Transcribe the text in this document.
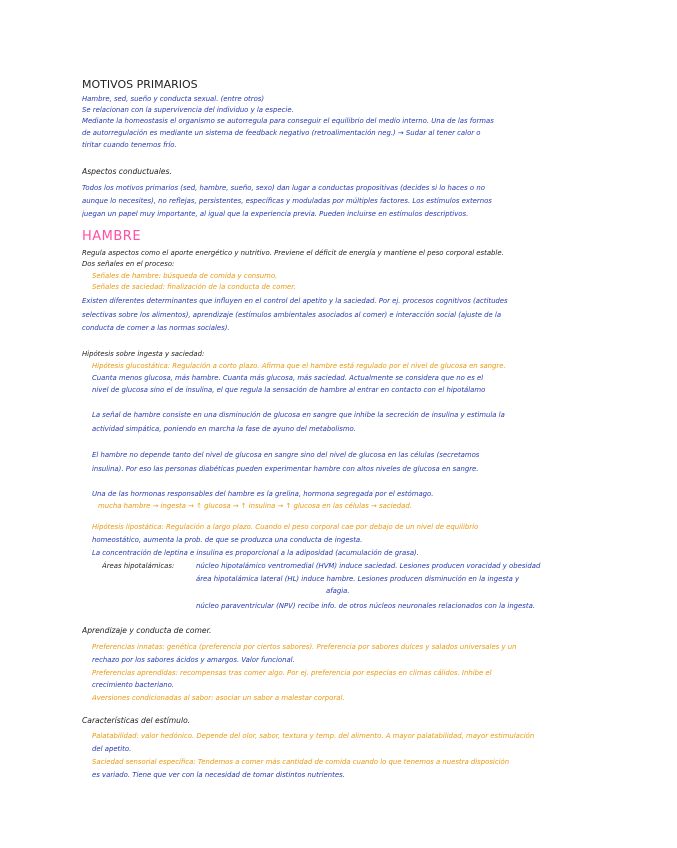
MOTIVOS PRIMARIOS
Hambre, sed, sueño y conducta sexual. (entre otros)
Se relacionan con la supervivencia del individuo y la especie.
Mediante la homeostasis el organismo se autorregula para conseguir el equilibrio del medio interno. Una de las formas
de autorregulación es mediante un sistema de feedback negativo (retroalimentación neg.) → Sudar al tener calor o
tiritar cuando tenemos frío.
Aspectos conductuales.
Todos los motivos primarios (sed, hambre, sueño, sexo) dan lugar a conductas propositivas (decides si lo haces o no
aunque lo necesites), no reflejas, persistentes, específicas y moduladas por múltiples factores. Los estímulos externos
juegan un papel muy importante, al igual que la experiencia previa. Pueden incluirse en estímulos descriptivos.
HAMBRE
Regula aspectos como el aporte energético y nutritivo. Previene el déficit de energía y mantiene el peso corporal estable.
Dos señales en el proceso:
Señales de hambre: búsqueda de comida y consumo.
Señales de saciedad: finalización de la conducta de comer.
Existen diferentes determinantes que influyen en el control del apetito y la saciedad. Por ej. procesos cognitivos (actitudes
selectivas sobre los alimentos), aprendizaje (estímulos ambientales asociados al comer) e interacción social (ajuste de la
conducta de comer a las normas sociales).
Hipótesis sobre ingesta y saciedad:
Hipótesis glucostática: Regulación a corto plazo. Afirma que el hambre está regulado por el nivel de glucosa en sangre.
Cuanta menos glucosa, más hambre. Cuanta más glucosa, más saciedad. Actualmente se considera que no es el
nivel de glucosa sino el de insulina, el que regula la sensación de hambre al entrar en contacto con el hipotálamo
La señal de hambre consiste en una disminución de glucosa en sangre que inhibe la secreción de insulina y estimula la
actividad simpática, poniendo en marcha la fase de ayuno del metabolismo.
El hambre no depende tanto del nivel de glucosa en sangre sino del nivel de glucosa en las células (secretamos
insulina). Por eso las personas diabéticas pueden experimentar hambre con altos niveles de glucosa en sangre.
Una de las hormonas responsables del hambre es la grelina, hormona segregada por el estómago.
mucha hambre → ingesta → ↑ glucosa → ↑ insulina → ↑ glucosa en las células → saciedad.
Hipótesis lipostática: Regulación a largo plazo. Cuando el peso corporal cae por debajo de un nivel de equilibrio
homeostático, aumenta la prob. de que se produzca una conducta de ingesta.
La concentración de leptina e insulina es proporcional a la adiposidad (acumulación de grasa).
Áreas hipotalámicas:	núcleo hipotalámico ventromedial (HVM) induce saciedad. Lesiones producen voracidad y obesidad
área hipotalámica lateral (HL) induce hambre. Lesiones producen disminución en la ingesta y
afagia.
núcleo paraventricular (NPV) recibe info. de otros núcleos neuronales relacionados con la ingesta.
Aprendizaje y conducta de comer.
Preferencias innatas: genética (preferencia por ciertos sabores). Preferencia por sabores dulces y salados universales y un
rechazo por los sabores ácidos y amargos. Valor funcional.
Preferencias aprendidas: recompensas tras comer algo. Por ej. preferencia por especias en climas cálidos. Inhibe el
crecimiento bacteriano.
Aversiones condicionadas al sabor: asociar un sabor a malestar corporal.
Características del estímulo.
Palatabilidad: valor hedónico. Depende del olor, sabor, textura y temp. del alimento. A mayor palatabilidad, mayor estimulación
del apetito.
Saciedad sensorial específica: Tendemos a comer más cantidad de comida cuando lo que tenemos a nuestra disposición
es variado. Tiene que ver con la necesidad de tomar distintos nutrientes.
